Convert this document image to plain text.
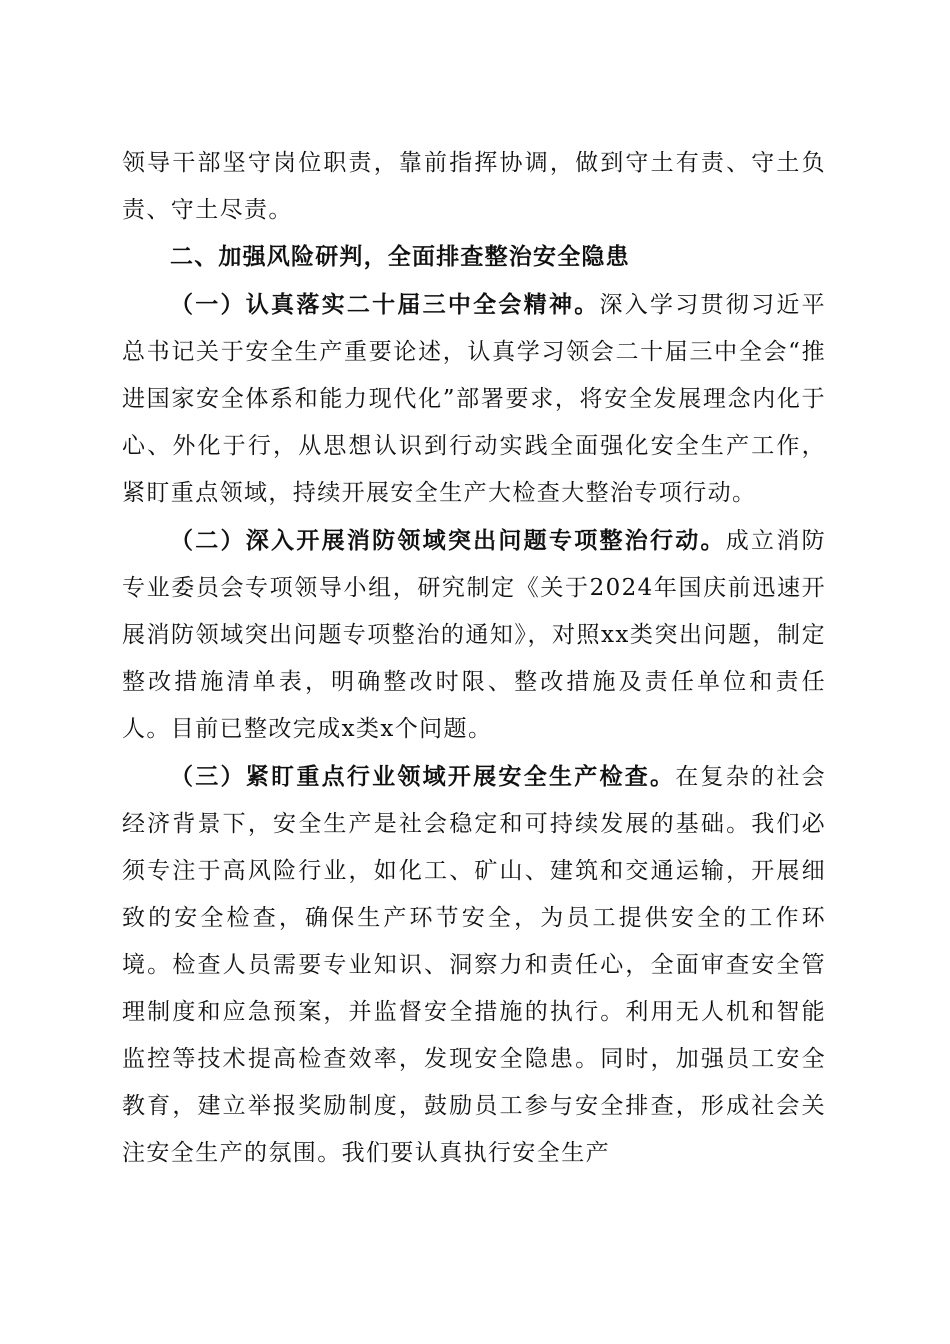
领导干部坚守岗位职责，靠前指挥协调，做到守土有责、守土负责、守土尽责。

二、加强风险研判，全面排查整治安全隐患

（一）认真落实二十届三中全会精神。深入学习贯彻习近平总书记关于安全生产重要论述，认真学习领会二十届三中全会“推进国家安全体系和能力现代化”部署要求，将安全发展理念内化于心、外化于行，从思想认识到行动实践全面强化安全生产工作，紧盯重点领域，持续开展安全生产大检查大整治专项行动。

（二）深入开展消防领域突出问题专项整治行动。成立消防专业委员会专项领导小组，研究制定《关于2024年国庆前迅速开展消防领域突出问题专项整治的通知》，对照xx类突出问题，制定整改措施清单表，明确整改时限、整改措施及责任单位和责任人。目前已整改完成x类x个问题。

（三）紧盯重点行业领域开展安全生产检查。在复杂的社会经济背景下，安全生产是社会稳定和可持续发展的基础。我们必须专注于高风险行业，如化工、矿山、建筑和交通运输，开展细致的安全检查，确保生产环节安全，为员工提供安全的工作环境。检查人员需要专业知识、洞察力和责任心，全面审查安全管理制度和应急预案，并监督安全措施的执行。利用无人机和智能监控等技术提高检查效率，发现安全隐患。同时，加强员工安全教育，建立举报奖励制度，鼓励员工参与安全排查，形成社会关注安全生产的氛围。我们要认真执行安全生产
